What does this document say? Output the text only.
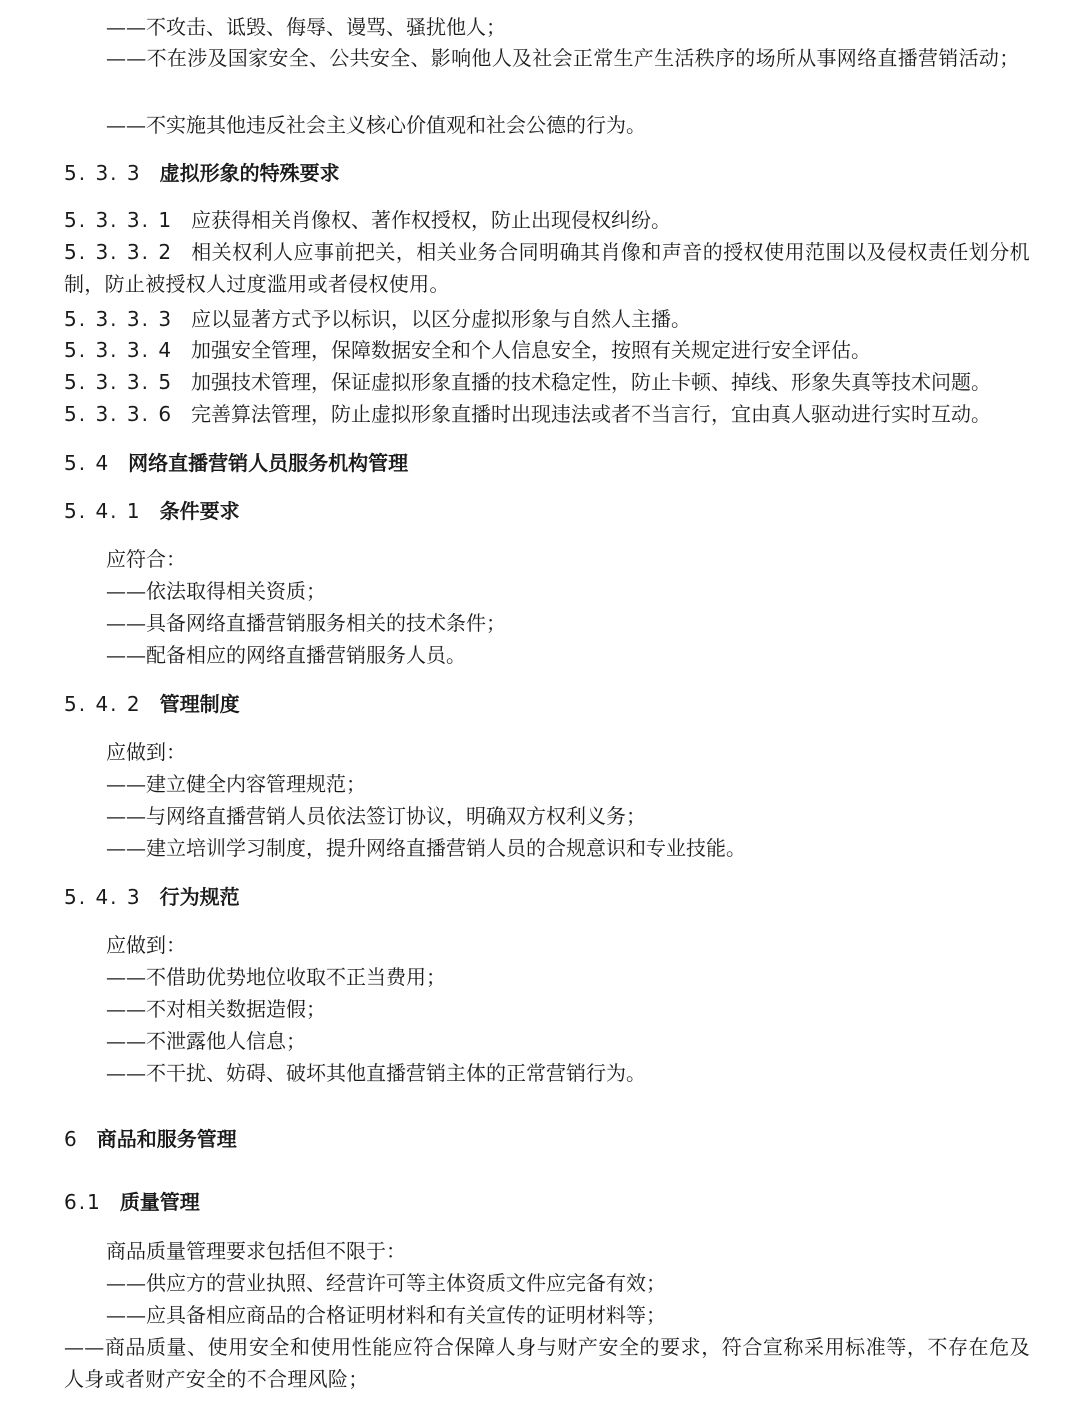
——不攻击、诋毁、侮辱、谩骂、骚扰他人；
——不在涉及国家安全、公共安全、影响他人及社会正常生产生活秩序的场所从事网络直播营销活动；
——不实施其他违反社会主义核心价值观和社会公德的行为。
5. 3. 3 虚拟形象的特殊要求
5. 3. 3. 1 应获得相关肖像权、著作权授权，防止出现侵权纠纷。
5. 3. 3. 2 相关权利人应事前把关，相关业务合同明确其肖像和声音的授权使用范围以及侵权责任划分机制，防止被授权人过度滥用或者侵权使用。
5. 3. 3. 3 应以显著方式予以标识，以区分虚拟形象与自然人主播。
5. 3. 3. 4 加强安全管理，保障数据安全和个人信息安全，按照有关规定进行安全评估。
5. 3. 3. 5 加强技术管理，保证虚拟形象直播的技术稳定性，防止卡顿、掉线、形象失真等技术问题。
5. 3. 3. 6 完善算法管理，防止虚拟形象直播时出现违法或者不当言行，宜由真人驱动进行实时互动。
5. 4 网络直播营销人员服务机构管理
5. 4. 1 条件要求
应符合：
——依法取得相关资质；
——具备网络直播营销服务相关的技术条件；
——配备相应的网络直播营销服务人员。
5. 4. 2 管理制度
应做到：
——建立健全内容管理规范；
——与网络直播营销人员依法签订协议，明确双方权利义务；
——建立培训学习制度，提升网络直播营销人员的合规意识和专业技能。
5. 4. 3 行为规范
应做到：
——不借助优势地位收取不正当费用；
——不对相关数据造假；
——不泄露他人信息；
——不干扰、妨碍、破坏其他直播营销主体的正常营销行为。
6 商品和服务管理
6.1 质量管理
商品质量管理要求包括但不限于：
——供应方的营业执照、经营许可等主体资质文件应完备有效；
——应具备相应商品的合格证明材料和有关宣传的证明材料等；
——商品质量、使用安全和使用性能应符合保障人身与财产安全的要求，符合宣称采用标准等，不存在危及人身或者财产安全的不合理风险；
